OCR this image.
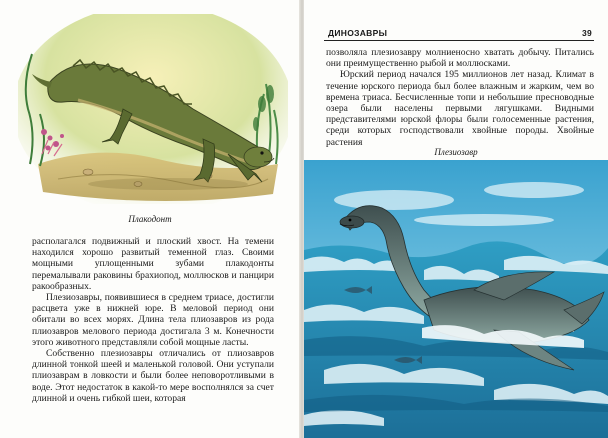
Плакодонт

располагался подвижный и плоский хвост. На темени находился хорошо развитый теменной глаз. Своими мощными уплощенными зубами плакодонты перемалывали раковины брахиопод, моллюсков и панцири ракообразных.

Плезиозавры, появившиеся в среднем триасе, достигли расцвета уже в нижней юре. В меловой период они обитали во всех морях. Длина тела плиозавров из рода плиозавров мелового периода достигала 3 м. Конечности этого животного представляли собой мощные ласты.

Собственно плезиозавры отличались от плиозавров длинной тонкой шеей и маленькой головой. Они уступали плиозаврам в ловкости и были более неповоротливыми в воде. Этот недостаток в какой-то мере восполнялся за счет длинной и очень гибкой шеи, которая

ДИНОЗАВРЫ	39

позволяла плезиозавру молниеносно хватать добычу. Питались они преимущественно рыбой и моллюсками.

Юрский период начался 195 миллионов лет назад. Климат в течение юрского периода был более влажным и жарким, чем во времена триаса. Бесчисленные топи и небольшие пресноводные озера были населены первыми лягушками. Видными представителями юрской флоры были голосеменные растения, среди которых господствовали хвойные породы. Хвойные растения

Плезиозавр
